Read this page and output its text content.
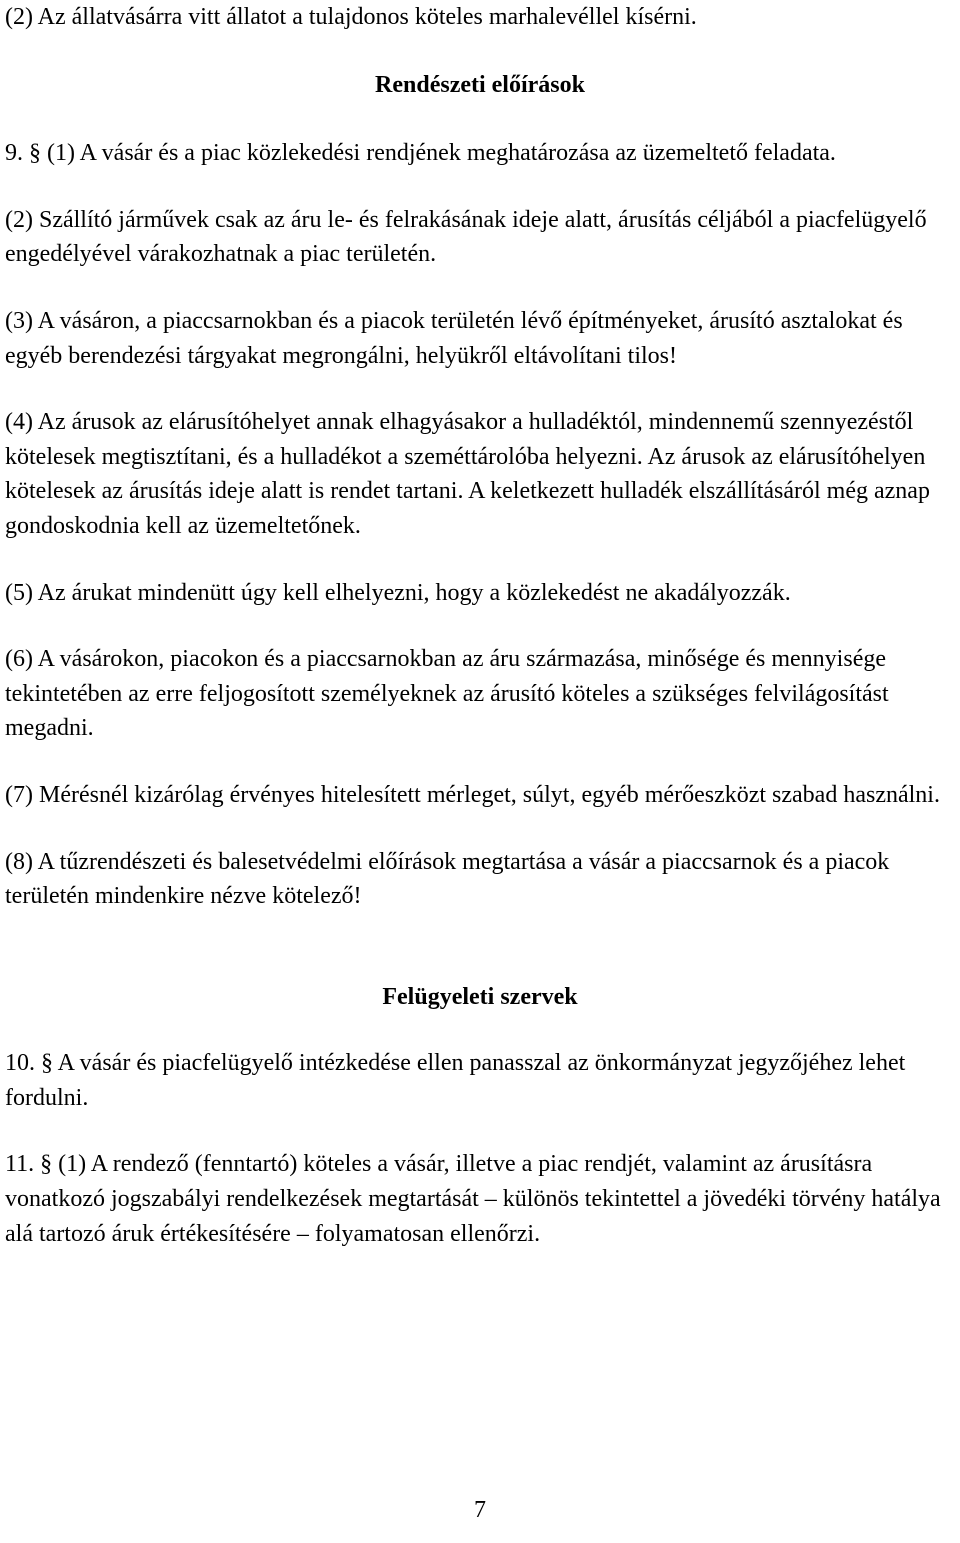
(2) Az állatvásárra vitt állatot a tulajdonos köteles marhalevéllel kísérni.

Rendészeti előírások

9. § (1) A vásár és a piac közlekedési rendjének meghatározása az üzemeltető feladata.

(2) Szállító járművek csak az áru le- és felrakásának ideje alatt, árusítás céljából a piacfelügyelő engedélyével várakozhatnak a piac területén.

(3) A vásáron, a piaccsarnokban és a piacok területén lévő építményeket, árusító asztalokat és egyéb berendezési tárgyakat megrongálni, helyükről eltávolítani tilos!

(4) Az árusok az elárusítóhelyet annak elhagyásakor a hulladéktól, mindennemű szennyezéstől kötelesek megtisztítani, és a hulladékot a szeméttárolóba helyezni. Az árusok az elárusítóhelyen kötelesek az árusítás ideje alatt is rendet tartani. A keletkezett hulladék elszállításáról még aznap gondoskodnia kell az üzemeltetőnek.

(5) Az árukat mindenütt úgy kell elhelyezni, hogy a közlekedést ne akadályozzák.

(6) A vásárokon, piacokon és a piaccsarnokban az áru származása, minősége és mennyisége tekintetében az erre feljogosított személyeknek az árusító köteles a szükséges felvilágosítást megadni.

(7) Mérésnél kizárólag érvényes hitelesített mérleget, súlyt, egyéb mérőeszközt szabad használni.

(8) A tűzrendészeti és balesetvédelmi előírások megtartása a vásár a piaccsarnok és a piacok területén mindenkire nézve kötelező!

Felügyeleti szervek

10. § A vásár és piacfelügyelő intézkedése ellen panasszal az önkormányzat jegyzőjéhez lehet fordulni.

11. § (1) A rendező (fenntartó) köteles a vásár, illetve a piac rendjét, valamint az árusításra vonatkozó jogszabályi rendelkezések megtartását – különös tekintettel a jövedéki törvény hatálya alá tartozó áruk értékesítésére – folyamatosan ellenőrzi.

7
